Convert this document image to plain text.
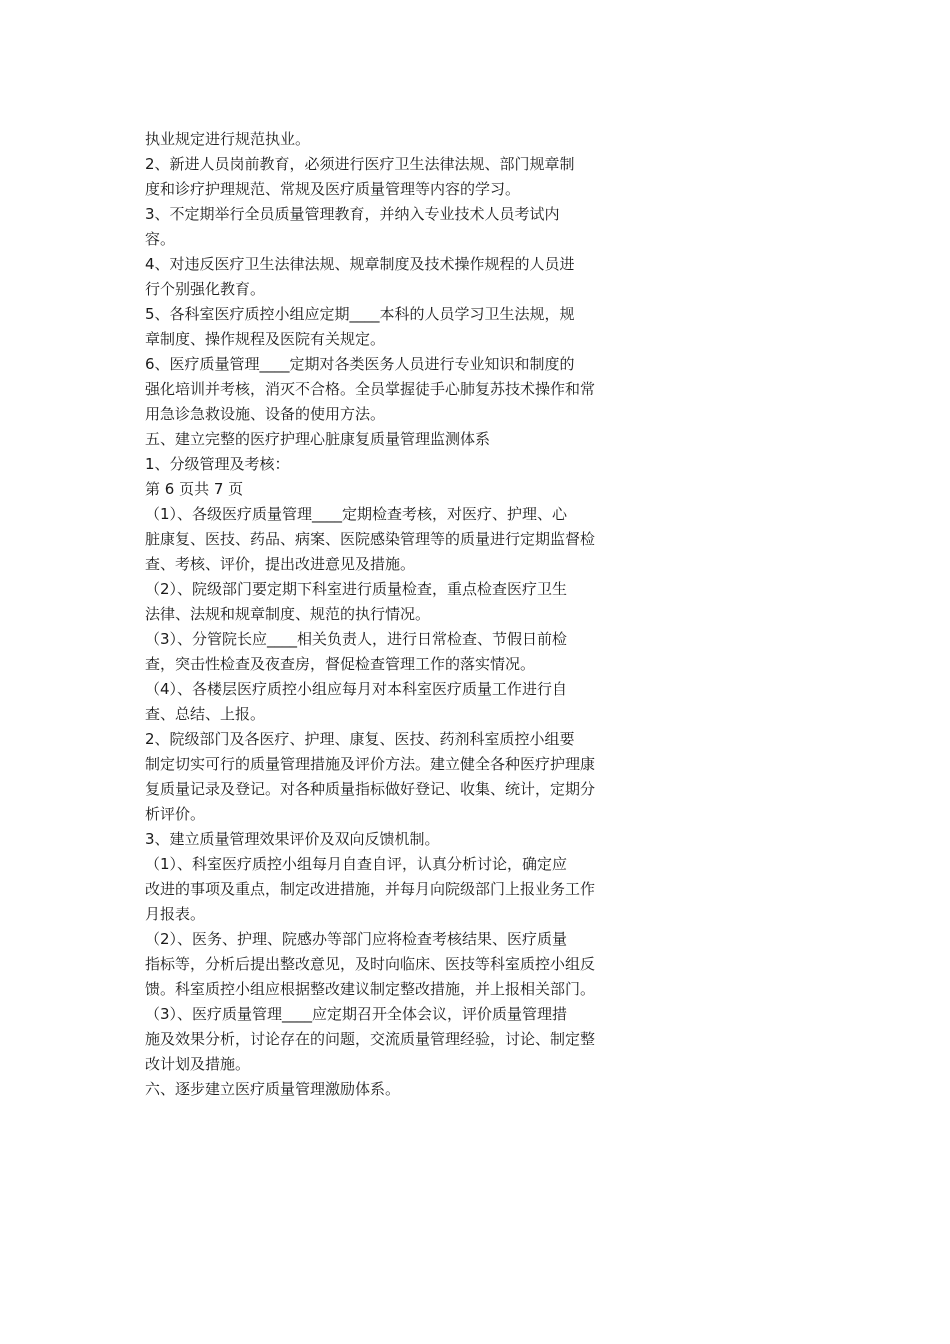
执业规定进行规范执业。
2、新进人员岗前教育，必须进行医疗卫生法律法规、部门规章制
度和诊疗护理规范、常规及医疗质量管理等内容的学习。
3、不定期举行全员质量管理教育，并纳入专业技术人员考试内
容。
4、对违反医疗卫生法律法规、规章制度及技术操作规程的人员进
行个别强化教育。
5、各科室医疗质控小组应定期____本科的人员学习卫生法规，规
章制度、操作规程及医院有关规定。
6、医疗质量管理____定期对各类医务人员进行专业知识和制度的
强化培训并考核，消灭不合格。全员掌握徒手心肺复苏技术操作和常
用急诊急救设施、设备的使用方法。
五、建立完整的医疗护理心脏康复质量管理监测体系
1、分级管理及考核：
第 6 页共 7 页
（1）、各级医疗质量管理____定期检查考核，对医疗、护理、心
脏康复、医技、药品、病案、医院感染管理等的质量进行定期监督检
查、考核、评价，提出改进意见及措施。
（2）、院级部门要定期下科室进行质量检查，重点检查医疗卫生
法律、法规和规章制度、规范的执行情况。
（3）、分管院长应____相关负责人，进行日常检查、节假日前检
查，突击性检查及夜查房，督促检查管理工作的落实情况。
（4）、各楼层医疗质控小组应每月对本科室医疗质量工作进行自
查、总结、上报。
2、院级部门及各医疗、护理、康复、医技、药剂科室质控小组要
制定切实可行的质量管理措施及评价方法。建立健全各种医疗护理康
复质量记录及登记。对各种质量指标做好登记、收集、统计，定期分
析评价。
3、建立质量管理效果评价及双向反馈机制。
（1）、科室医疗质控小组每月自查自评，认真分析讨论，确定应
改进的事项及重点，制定改进措施，并每月向院级部门上报业务工作
月报表。
（2）、医务、护理、院感办等部门应将检查考核结果、医疗质量
指标等，分析后提出整改意见，及时向临床、医技等科室质控小组反
馈。科室质控小组应根据整改建议制定整改措施，并上报相关部门。
（3）、医疗质量管理____应定期召开全体会议，评价质量管理措
施及效果分析，讨论存在的问题，交流质量管理经验，讨论、制定整
改计划及措施。
六、逐步建立医疗质量管理激励体系。
